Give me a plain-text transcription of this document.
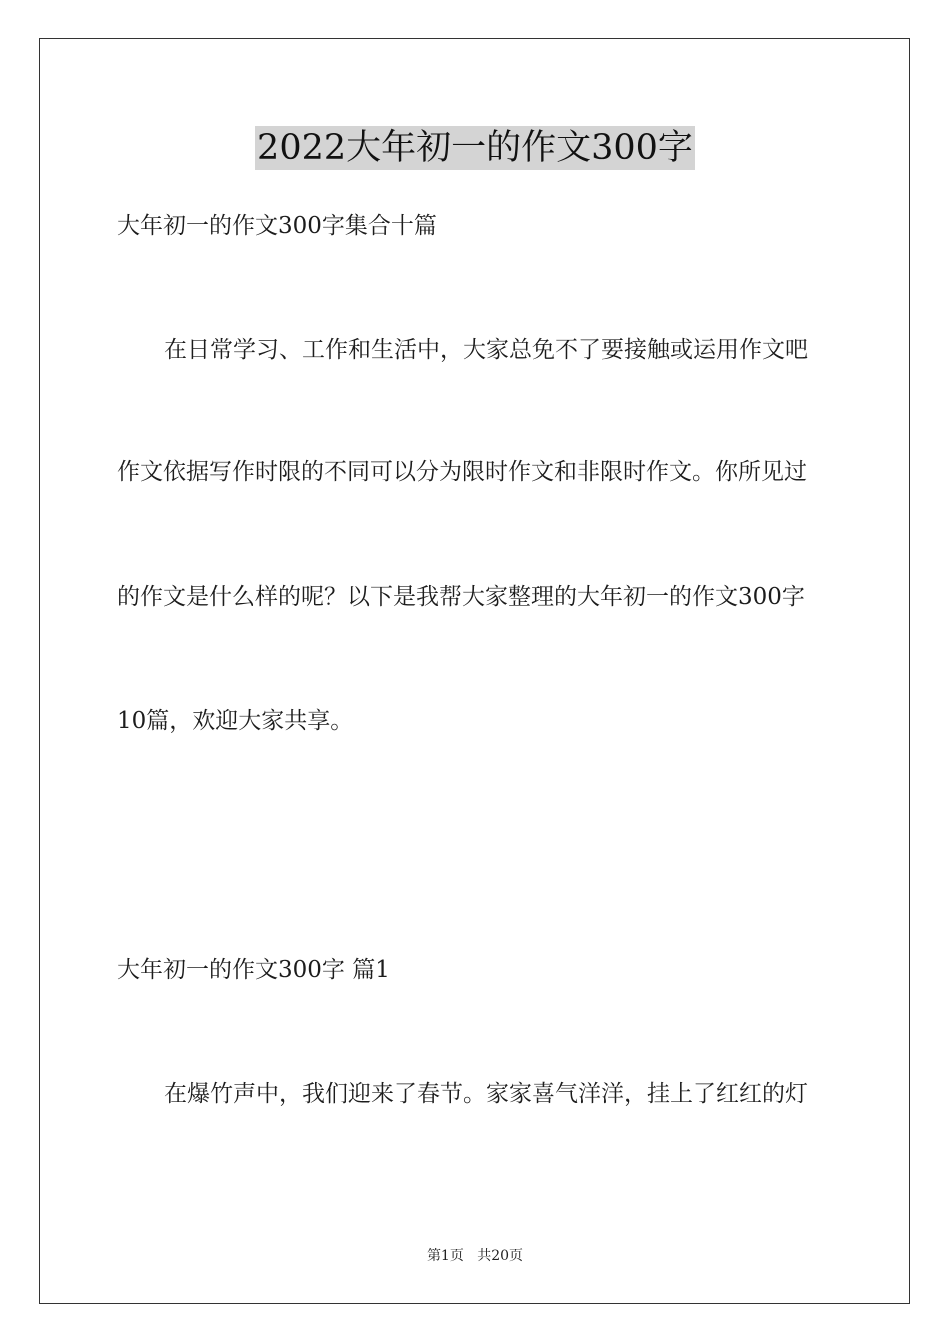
2022大年初一的作文300字
大年初一的作文300字集合十篇
在日常学习、工作和生活中，大家总免不了要接触或运用作文吧
作文依据写作时限的不同可以分为限时作文和非限时作文。你所见过
的作文是什么样的呢？以下是我帮大家整理的大年初一的作文300字
10篇，欢迎大家共享。
大年初一的作文300字 篇1
在爆竹声中，我们迎来了春节。家家喜气洋洋，挂上了红红的灯
第1页 共20页
